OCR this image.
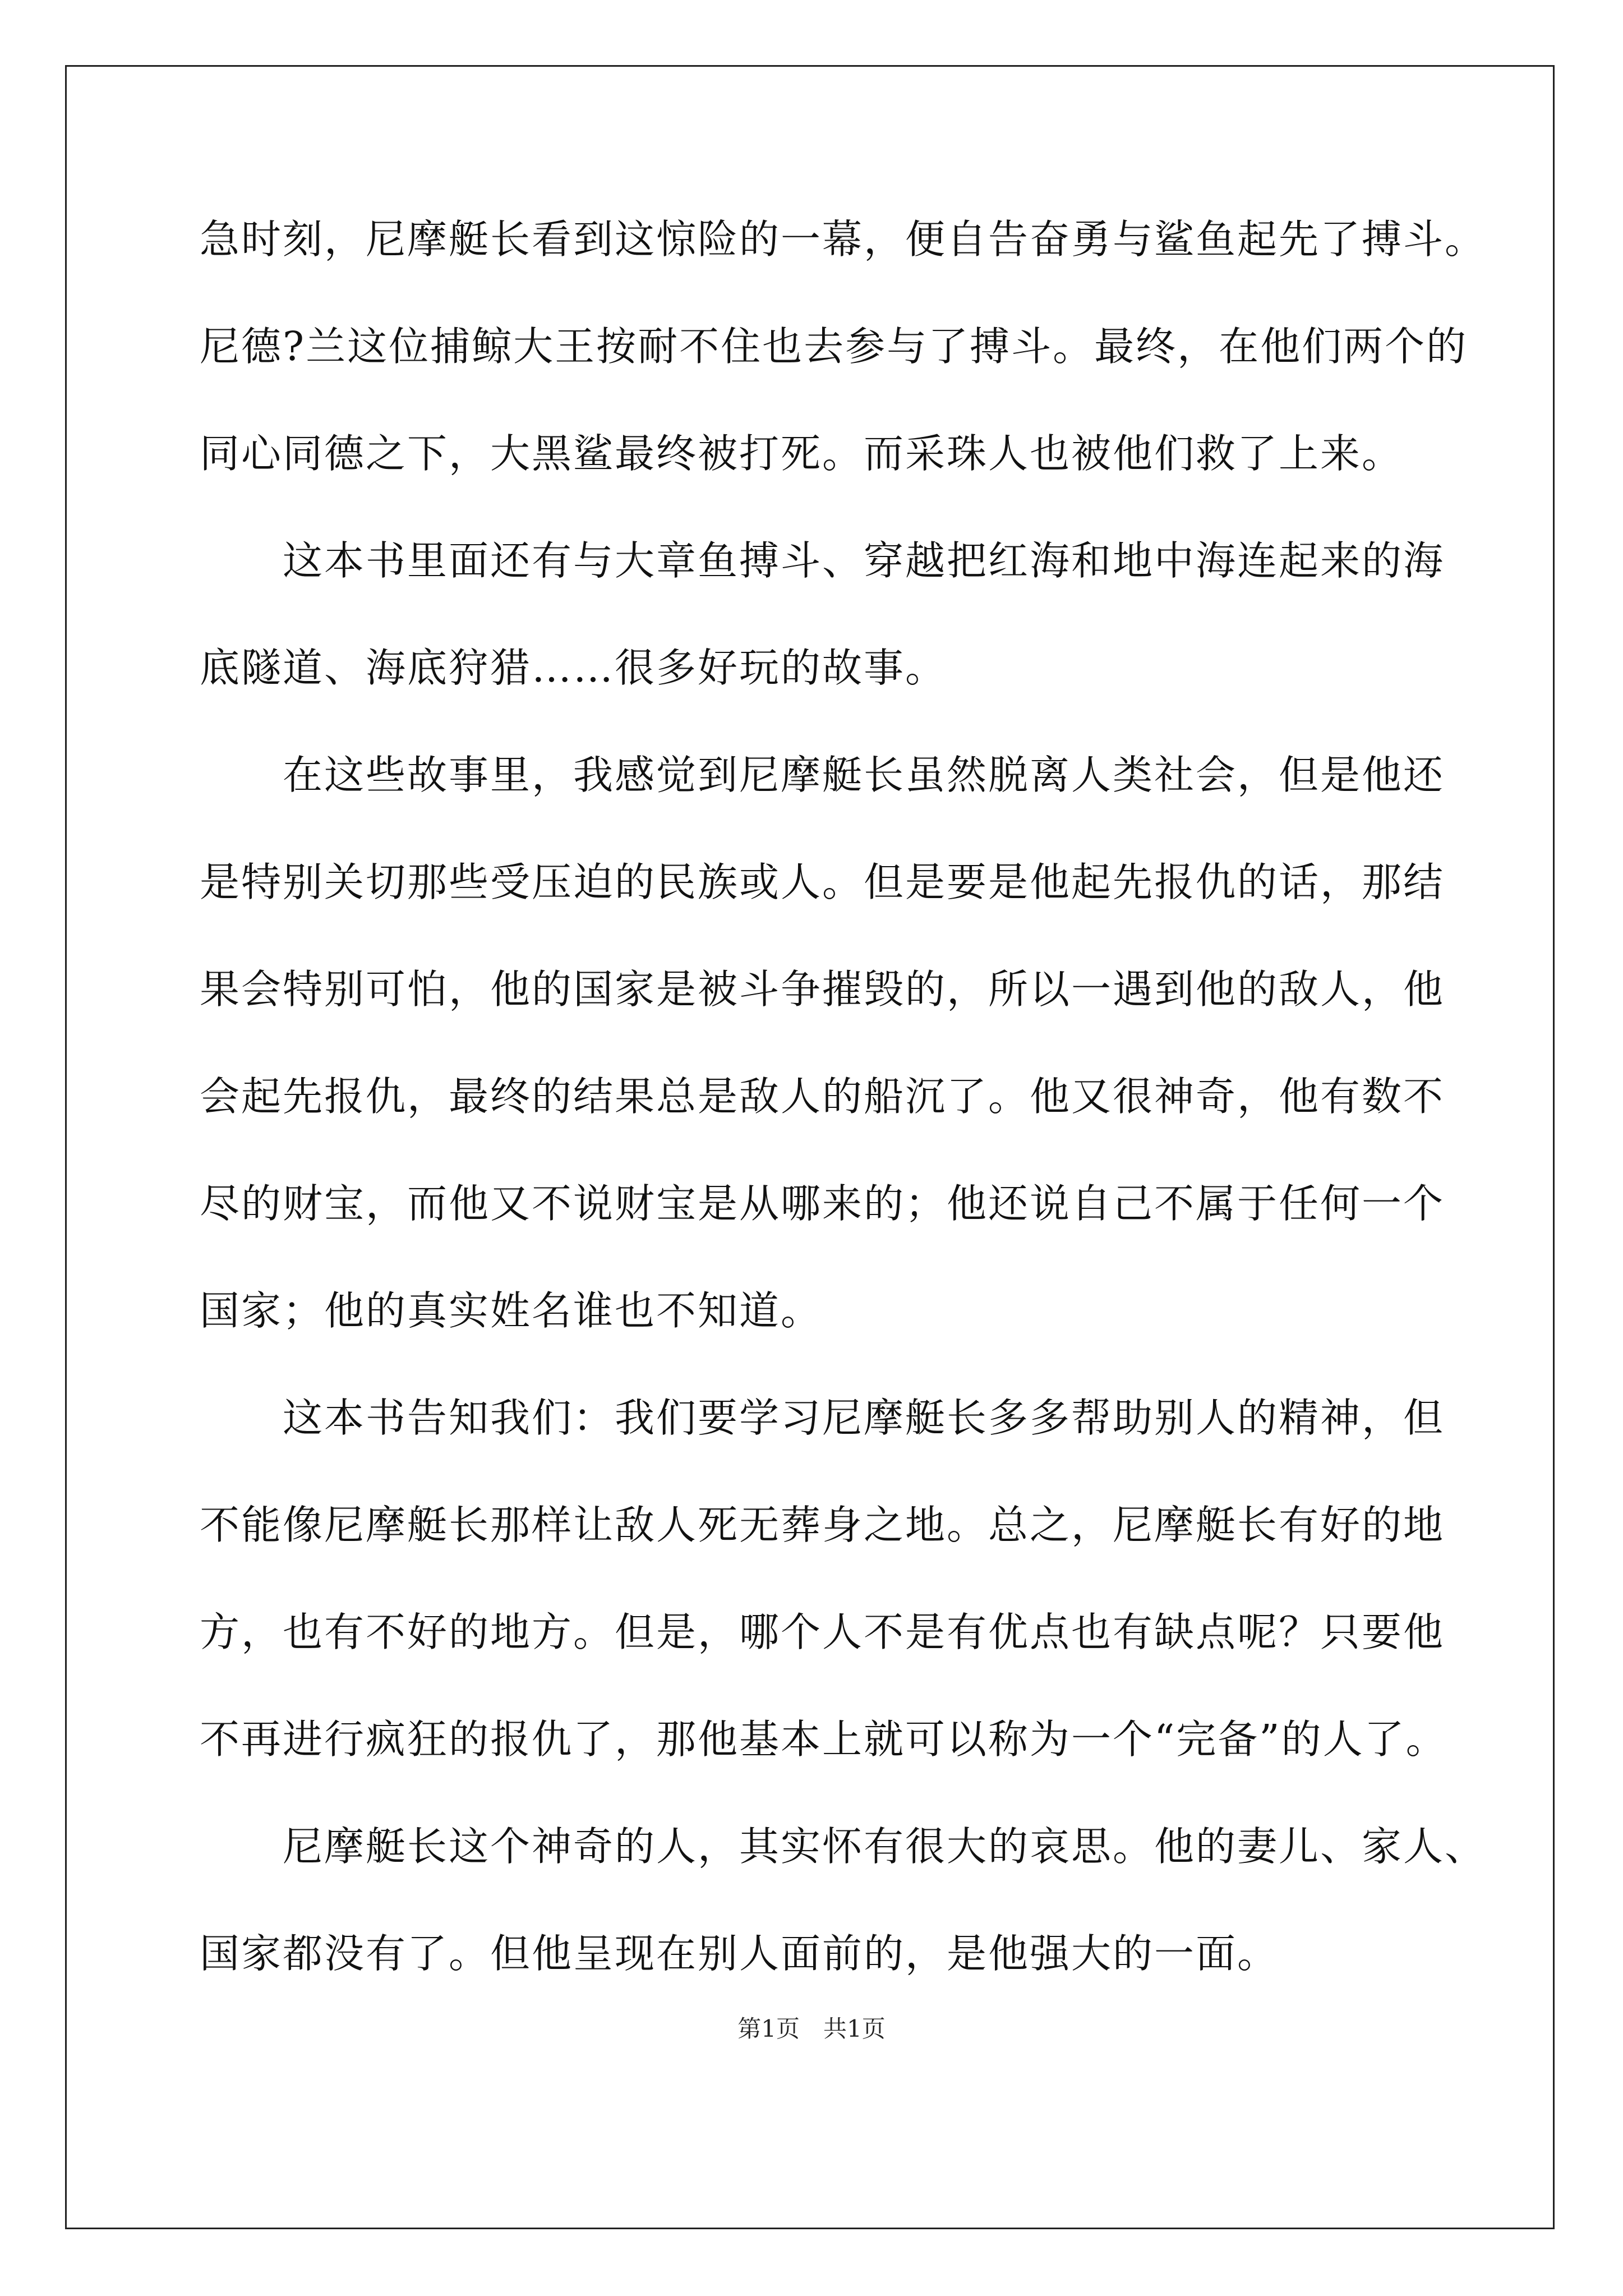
急时刻，尼摩艇长看到这惊险的一幕，便自告奋勇与鲨鱼起先了搏斗。
尼德?兰这位捕鲸大王按耐不住也去参与了搏斗。最终，在他们两个的
同心同德之下，大黑鲨最终被打死。而采珠人也被他们救了上来。
　　这本书里面还有与大章鱼搏斗、穿越把红海和地中海连起来的海
底隧道、海底狩猎……很多好玩的故事。
　　在这些故事里，我感觉到尼摩艇长虽然脱离人类社会，但是他还
是特别关切那些受压迫的民族或人。但是要是他起先报仇的话，那结
果会特别可怕，他的国家是被斗争摧毁的，所以一遇到他的敌人，他
会起先报仇，最终的结果总是敌人的船沉了。他又很神奇，他有数不
尽的财宝，而他又不说财宝是从哪来的；他还说自己不属于任何一个
国家；他的真实姓名谁也不知道。
　　这本书告知我们：我们要学习尼摩艇长多多帮助别人的精神，但
不能像尼摩艇长那样让敌人死无葬身之地。总之，尼摩艇长有好的地
方，也有不好的地方。但是，哪个人不是有优点也有缺点呢？只要他
不再进行疯狂的报仇了，那他基本上就可以称为一个“完备”的人了。
　　尼摩艇长这个神奇的人，其实怀有很大的哀思。他的妻儿、家人、
国家都没有了。但他呈现在别人面前的，是他强大的一面。
第1页　共1页
